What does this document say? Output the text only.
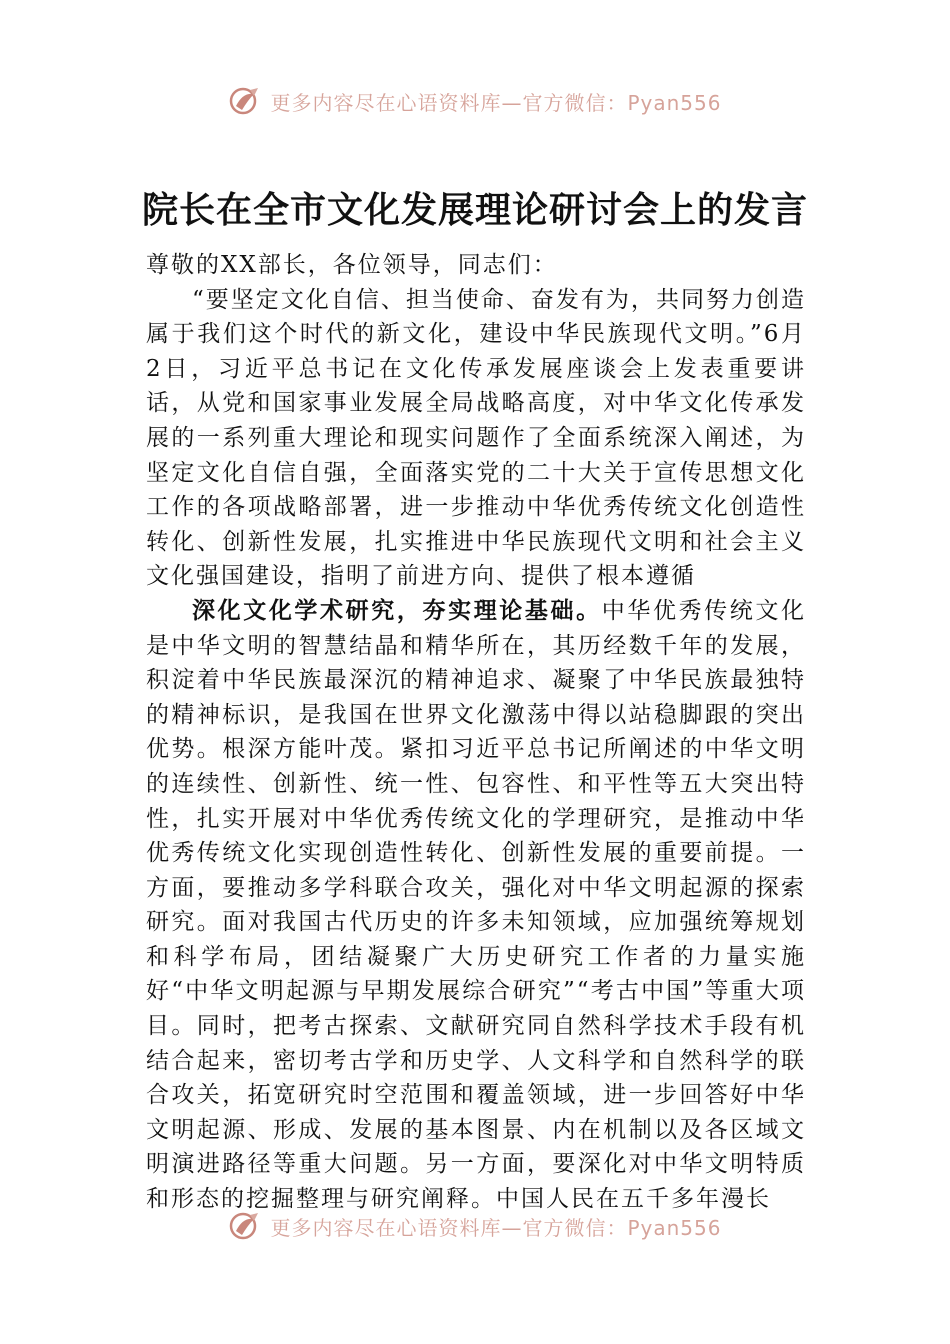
更多内容尽在心语资料库—官方微信：Pyan556
院长在全市文化发展理论研讨会上的发言

尊敬的XX部长，各位领导，同志们：

“要坚定文化自信、担当使命、奋发有为，共同努力创造属于我们这个时代的新文化，建设中华民族现代文明。”6月2日，习近平总书记在文化传承发展座谈会上发表重要讲话，从党和国家事业发展全局战略高度，对中华文化传承发展的一系列重大理论和现实问题作了全面系统深入阐述，为坚定文化自信自强，全面落实党的二十大关于宣传思想文化工作的各项战略部署，进一步推动中华优秀传统文化创造性转化、创新性发展，扎实推进中华民族现代文明和社会主义文化强国建设，指明了前进方向、提供了根本遵循

深化文化学术研究，夯实理论基础。中华优秀传统文化是中华文明的智慧结晶和精华所在，其历经数千年的发展，积淀着中华民族最深沉的精神追求、凝聚了中华民族最独特的精神标识，是我国在世界文化激荡中得以站稳脚跟的突出优势。根深方能叶茂。紧扣习近平总书记所阐述的中华文明的连续性、创新性、统一性、包容性、和平性等五大突出特性，扎实开展对中华优秀传统文化的学理研究，是推动中华优秀传统文化实现创造性转化、创新性发展的重要前提。一方面，要推动多学科联合攻关，强化对中华文明起源的探索研究。面对我国古代历史的许多未知领域，应加强统筹规划和科学布局，团结凝聚广大历史研究工作者的力量实施好“中华文明起源与早期发展综合研究”“考古中国”等重大项目。同时，把考古探索、文献研究同自然科学技术手段有机结合起来，密切考古学和历史学、人文科学和自然科学的联合攻关，拓宽研究时空范围和覆盖领域，进一步回答好中华文明起源、形成、发展的基本图景、内在机制以及各区域文明演进路径等重大问题。另一方面，要深化对中华文明特质和形态的挖掘整理与研究阐释。中国人民在五千多年漫长

更多内容尽在心语资料库—官方微信：Pyan556
